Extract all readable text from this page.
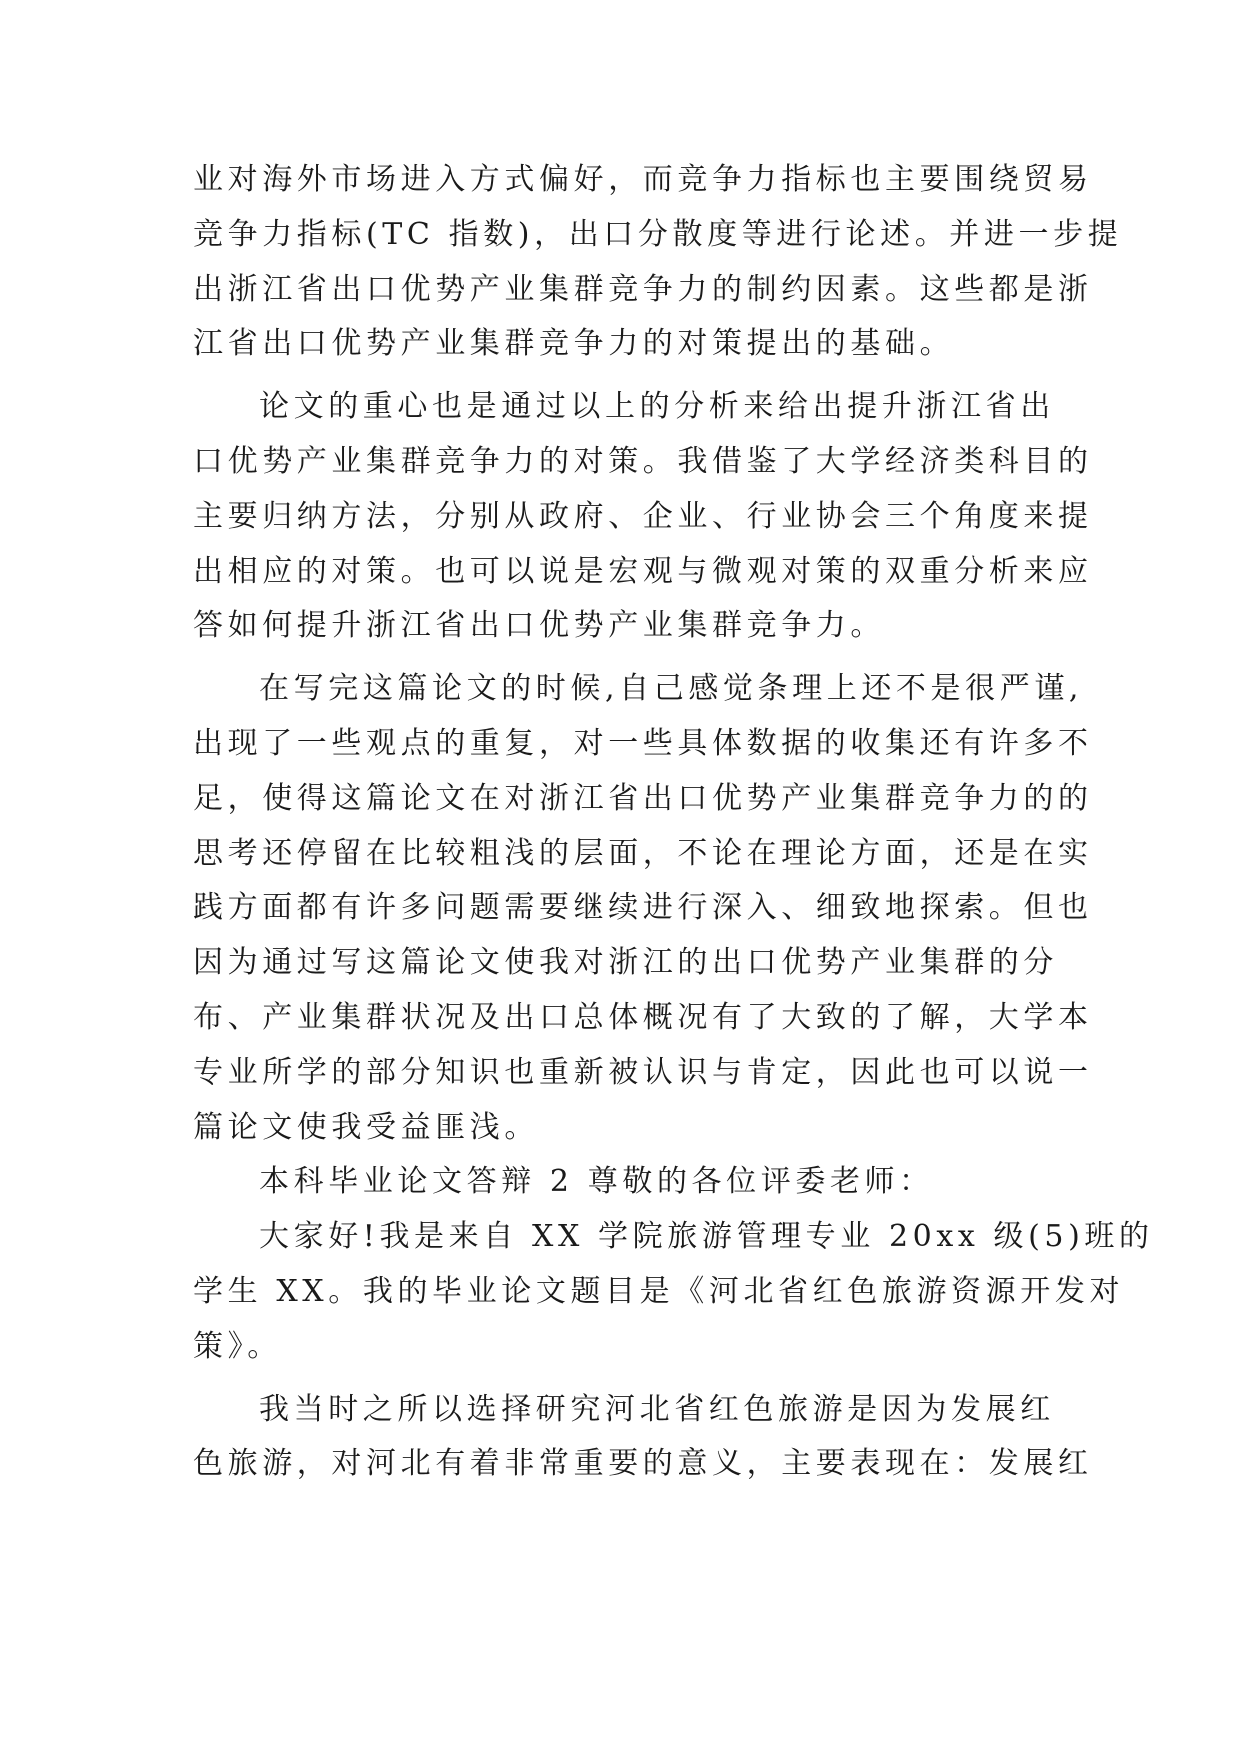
业对海外市场进入方式偏好，而竞争力指标也主要围绕贸易
竞争力指标(TC 指数)，出口分散度等进行论述。并进一步提
出浙江省出口优势产业集群竞争力的制约因素。这些都是浙
江省出口优势产业集群竞争力的对策提出的基础。
论文的重心也是通过以上的分析来给出提升浙江省出
口优势产业集群竞争力的对策。我借鉴了大学经济类科目的
主要归纳方法，分别从政府、企业、行业协会三个角度来提
出相应的对策。也可以说是宏观与微观对策的双重分析来应
答如何提升浙江省出口优势产业集群竞争力。
在写完这篇论文的时候,自己感觉条理上还不是很严谨,
出现了一些观点的重复，对一些具体数据的收集还有许多不
足，使得这篇论文在对浙江省出口优势产业集群竞争力的的
思考还停留在比较粗浅的层面，不论在理论方面，还是在实
践方面都有许多问题需要继续进行深入、细致地探索。但也
因为通过写这篇论文使我对浙江的出口优势产业集群的分
布、产业集群状况及出口总体概况有了大致的了解，大学本
专业所学的部分知识也重新被认识与肯定，因此也可以说一
篇论文使我受益匪浅。
本科毕业论文答辩 2 尊敬的各位评委老师：
大家好!我是来自 XX 学院旅游管理专业 20xx 级(5)班的
学生 XX。我的毕业论文题目是《河北省红色旅游资源开发对
策》。
我当时之所以选择研究河北省红色旅游是因为发展红
色旅游，对河北有着非常重要的意义，主要表现在：发展红
